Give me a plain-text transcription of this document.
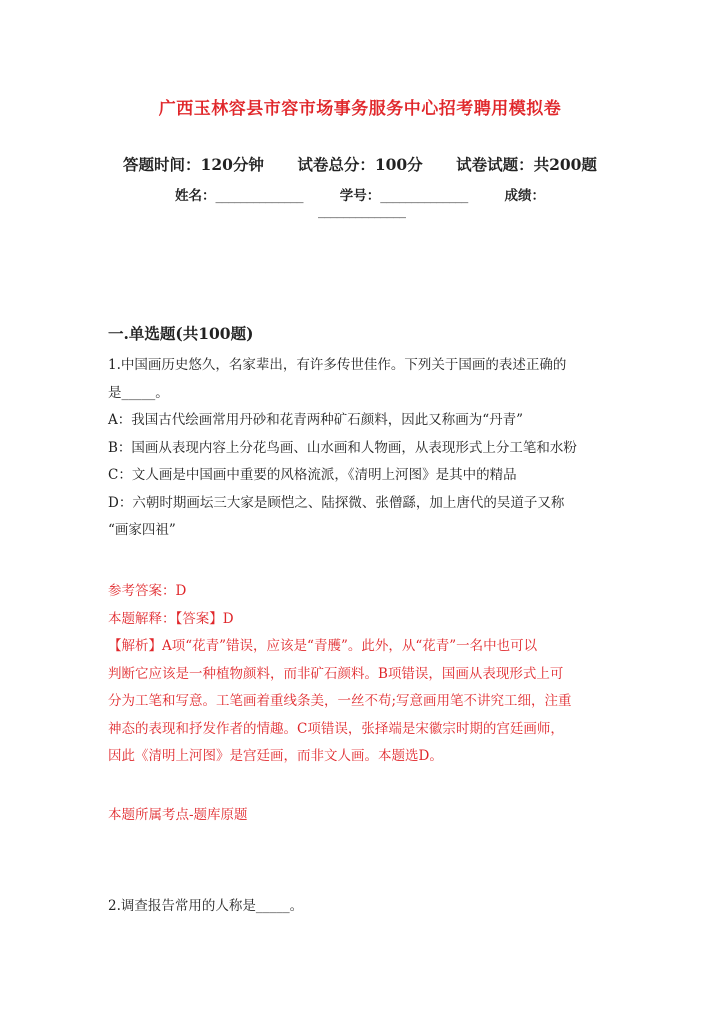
广西玉林容县市容市场事务服务中心招考聘用模拟卷
答题时间：120分钟 试卷总分：100分 试卷试题：共200题
姓名：______________	学号：______________	成绩：
______________
一.单选题(共100题)
1.中国画历史悠久，名家辈出，有许多传世佳作。下列关于国画的表述正确的
是_____。
A：我国古代绘画常用丹砂和花青两种矿石颜料，因此又称画为“丹青”
B：国画从表现内容上分花鸟画、山水画和人物画，从表现形式上分工笔和水粉
C：文人画是中国画中重要的风格流派，《清明上河图》是其中的精品
D：六朝时期画坛三大家是顾恺之、陆探微、张僧繇，加上唐代的吴道子又称
“画家四祖”
参考答案：D
本题解释：【答案】D
【解析】A项“花青”错误，应该是“青雘”。此外，从“花青”一名中也可以
判断它应该是一种植物颜料，而非矿石颜料。B项错误，国画从表现形式上可
分为工笔和写意。工笔画着重线条美，一丝不苟;写意画用笔不讲究工细，注重
神态的表现和抒发作者的情趣。C项错误，张择端是宋徽宗时期的宫廷画师，
因此《清明上河图》是宫廷画，而非文人画。本题选D。
本题所属考点-题库原题
2.调查报告常用的人称是_____。
